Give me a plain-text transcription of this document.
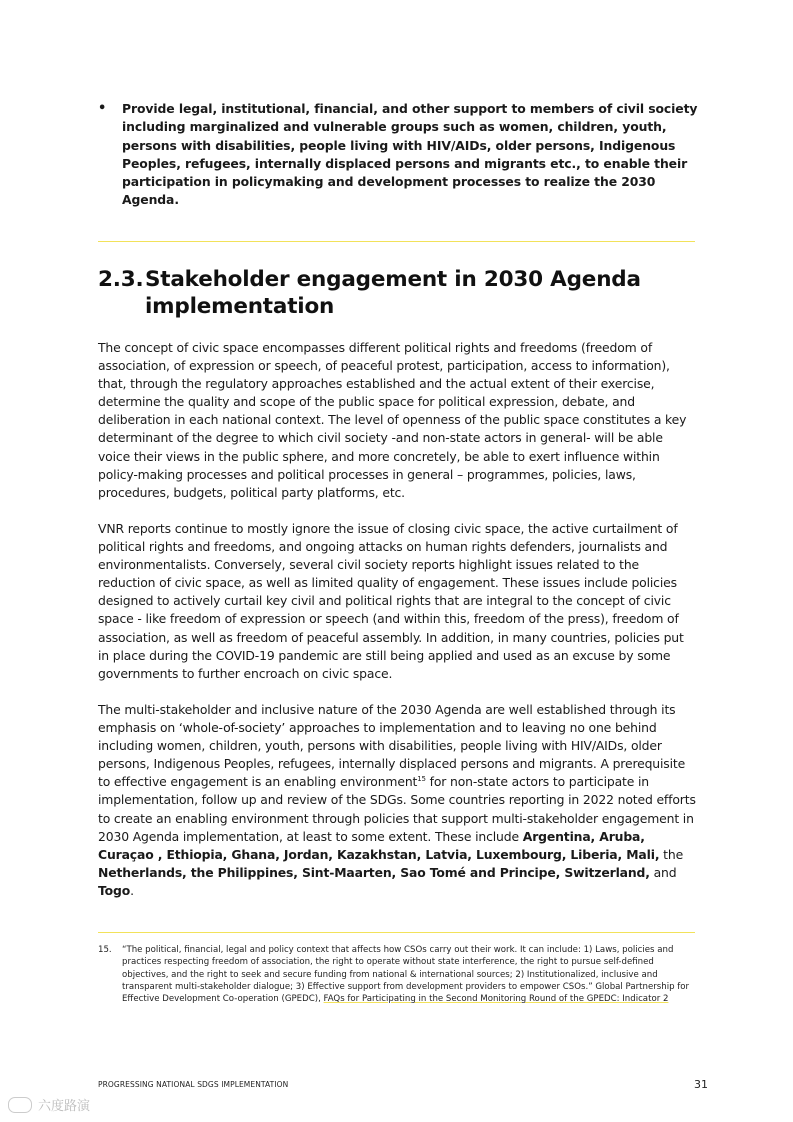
•	Provide legal, institutional, financial, and other support to members of civil society including marginalized and vulnerable groups such as women, children, youth, persons with disabilities, people living with HIV/AIDs, older persons, Indigenous Peoples, refugees, internally displaced persons and migrants etc., to enable their participation in policymaking and development processes to realize the 2030 Agenda.
2.3. Stakeholder engagement in 2030 Agenda implementation

The concept of civic space encompasses different political rights and freedoms (freedom of association, of expression or speech, of peaceful protest, participation, access to information), that, through the regulatory approaches established and the actual extent of their exercise, determine the quality and scope of the public space for political expression, debate, and deliberation in each national context. The level of openness of the public space constitutes a key determinant of the degree to which civil society -and non-state actors in general- will be able voice their views in the public sphere, and more concretely, be able to exert influence within policy-making processes and political processes in general – programmes, policies, laws, procedures, budgets, political party platforms, etc.

VNR reports continue to mostly ignore the issue of closing civic space, the active curtailment of political rights and freedoms, and ongoing attacks on human rights defenders, journalists and environmentalists. Conversely, several civil society reports highlight issues related to the reduction of civic space, as well as limited quality of engagement. These issues include policies designed to actively curtail key civil and political rights that are integral to the concept of civic space - like freedom of expression or speech (and within this, freedom of the press), freedom of association, as well as freedom of peaceful assembly. In addition, in many countries, policies put in place during the COVID-19 pandemic are still being applied and used as an excuse by some governments to further encroach on civic space.

The multi-stakeholder and inclusive nature of the 2030 Agenda are well established through its emphasis on ‘whole-of-society’ approaches to implementation and to leaving no one behind including women, children, youth, persons with disabilities, people living with HIV/AIDs, older persons, Indigenous Peoples, refugees, internally displaced persons and migrants. A prerequisite to effective engagement is an enabling environment$^{15}$ for non-state actors to participate in implementation, follow up and review of the SDGs. Some countries reporting in 2022 noted efforts to create an enabling environment through policies that support multi-stakeholder engagement in 2030 Agenda implementation, at least to some extent. These include Argentina, Aruba, Curaçao , Ethiopia, Ghana, Jordan, Kazakhstan, Latvia, Luxembourg, Liberia, Mali, the Netherlands, the Philippines, Sint-Maarten, Sao Tomé and Principe, Switzerland, and Togo.

15.	“The political, financial, legal and policy context that affects how CSOs carry out their work. It can include: 1) Laws, policies and practices respecting freedom of association, the right to operate without state interference, the right to pursue self-defined objectives, and the right to seek and secure funding from national & international sources; 2) Institutionalized, inclusive and transparent multi-stakeholder dialogue; 3) Effective support from development providers to empower CSOs.” Global Partnership for Effective Development Co-operation (GPEDC), FAQs for Participating in the Second Monitoring Round of the GPEDC: Indicator 2
PROGRESSING NATIONAL SDGS IMPLEMENTATION	31
六度路演
